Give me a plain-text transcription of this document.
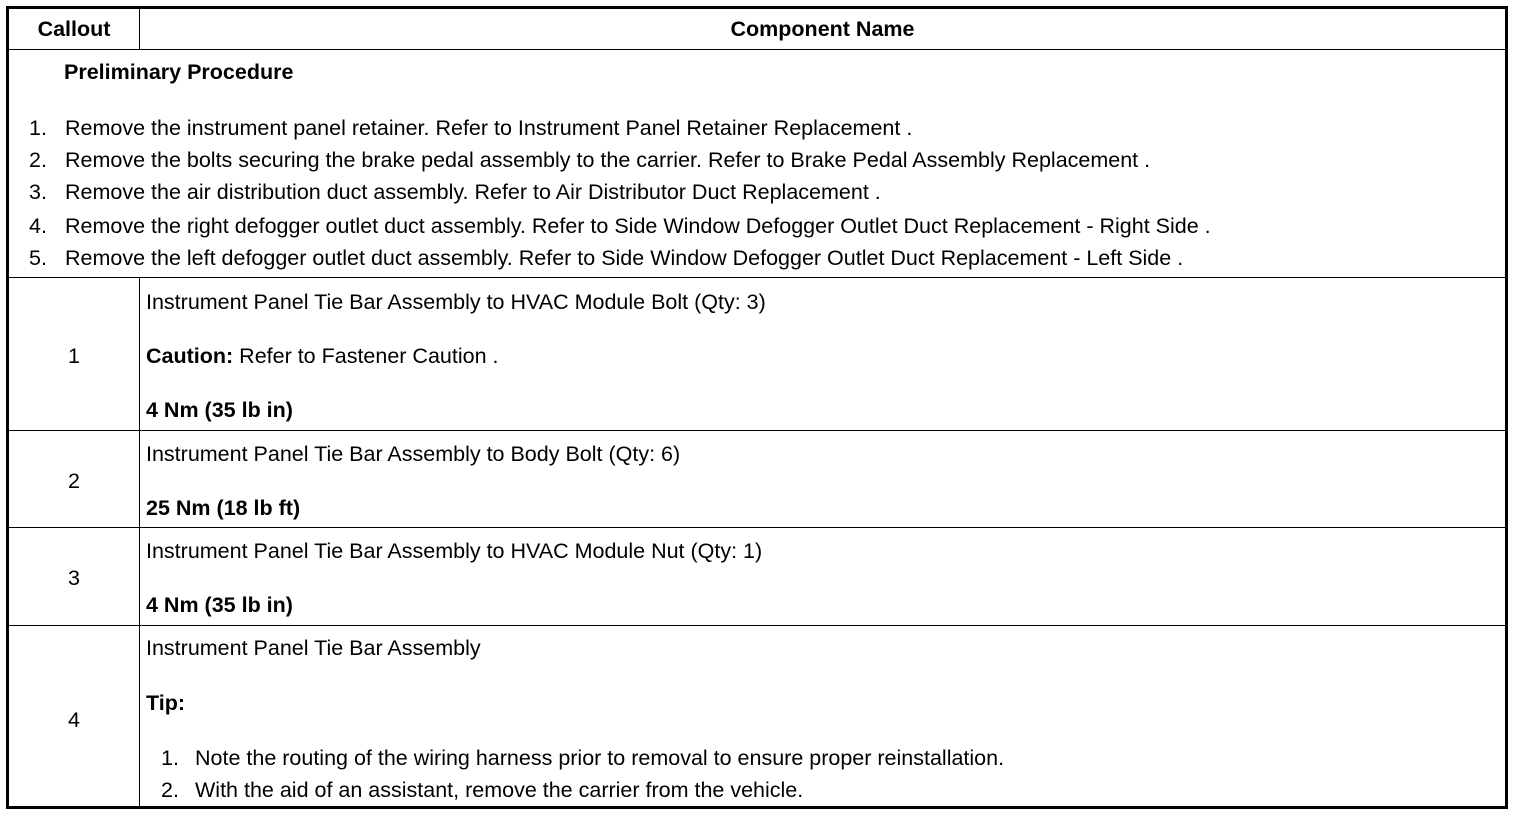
Callout	Component Name
Preliminary Procedure
1. Remove the instrument panel retainer. Refer to Instrument Panel Retainer Replacement .
2. Remove the bolts securing the brake pedal assembly to the carrier. Refer to Brake Pedal Assembly Replacement .
3. Remove the air distribution duct assembly. Refer to Air Distributor Duct Replacement .
4. Remove the right defogger outlet duct assembly. Refer to Side Window Defogger Outlet Duct Replacement - Right Side .
5. Remove the left defogger outlet duct assembly. Refer to Side Window Defogger Outlet Duct Replacement - Left Side .
1
Instrument Panel Tie Bar Assembly to HVAC Module Bolt (Qty: 3)
Caution: Refer to Fastener Caution .
4 Nm (35 lb in)
2
Instrument Panel Tie Bar Assembly to Body Bolt (Qty: 6)
25 Nm (18 lb ft)
3
Instrument Panel Tie Bar Assembly to HVAC Module Nut (Qty: 1)
4 Nm (35 lb in)
4
Instrument Panel Tie Bar Assembly
Tip:
1. Note the routing of the wiring harness prior to removal to ensure proper reinstallation.
2. With the aid of an assistant, remove the carrier from the vehicle.
